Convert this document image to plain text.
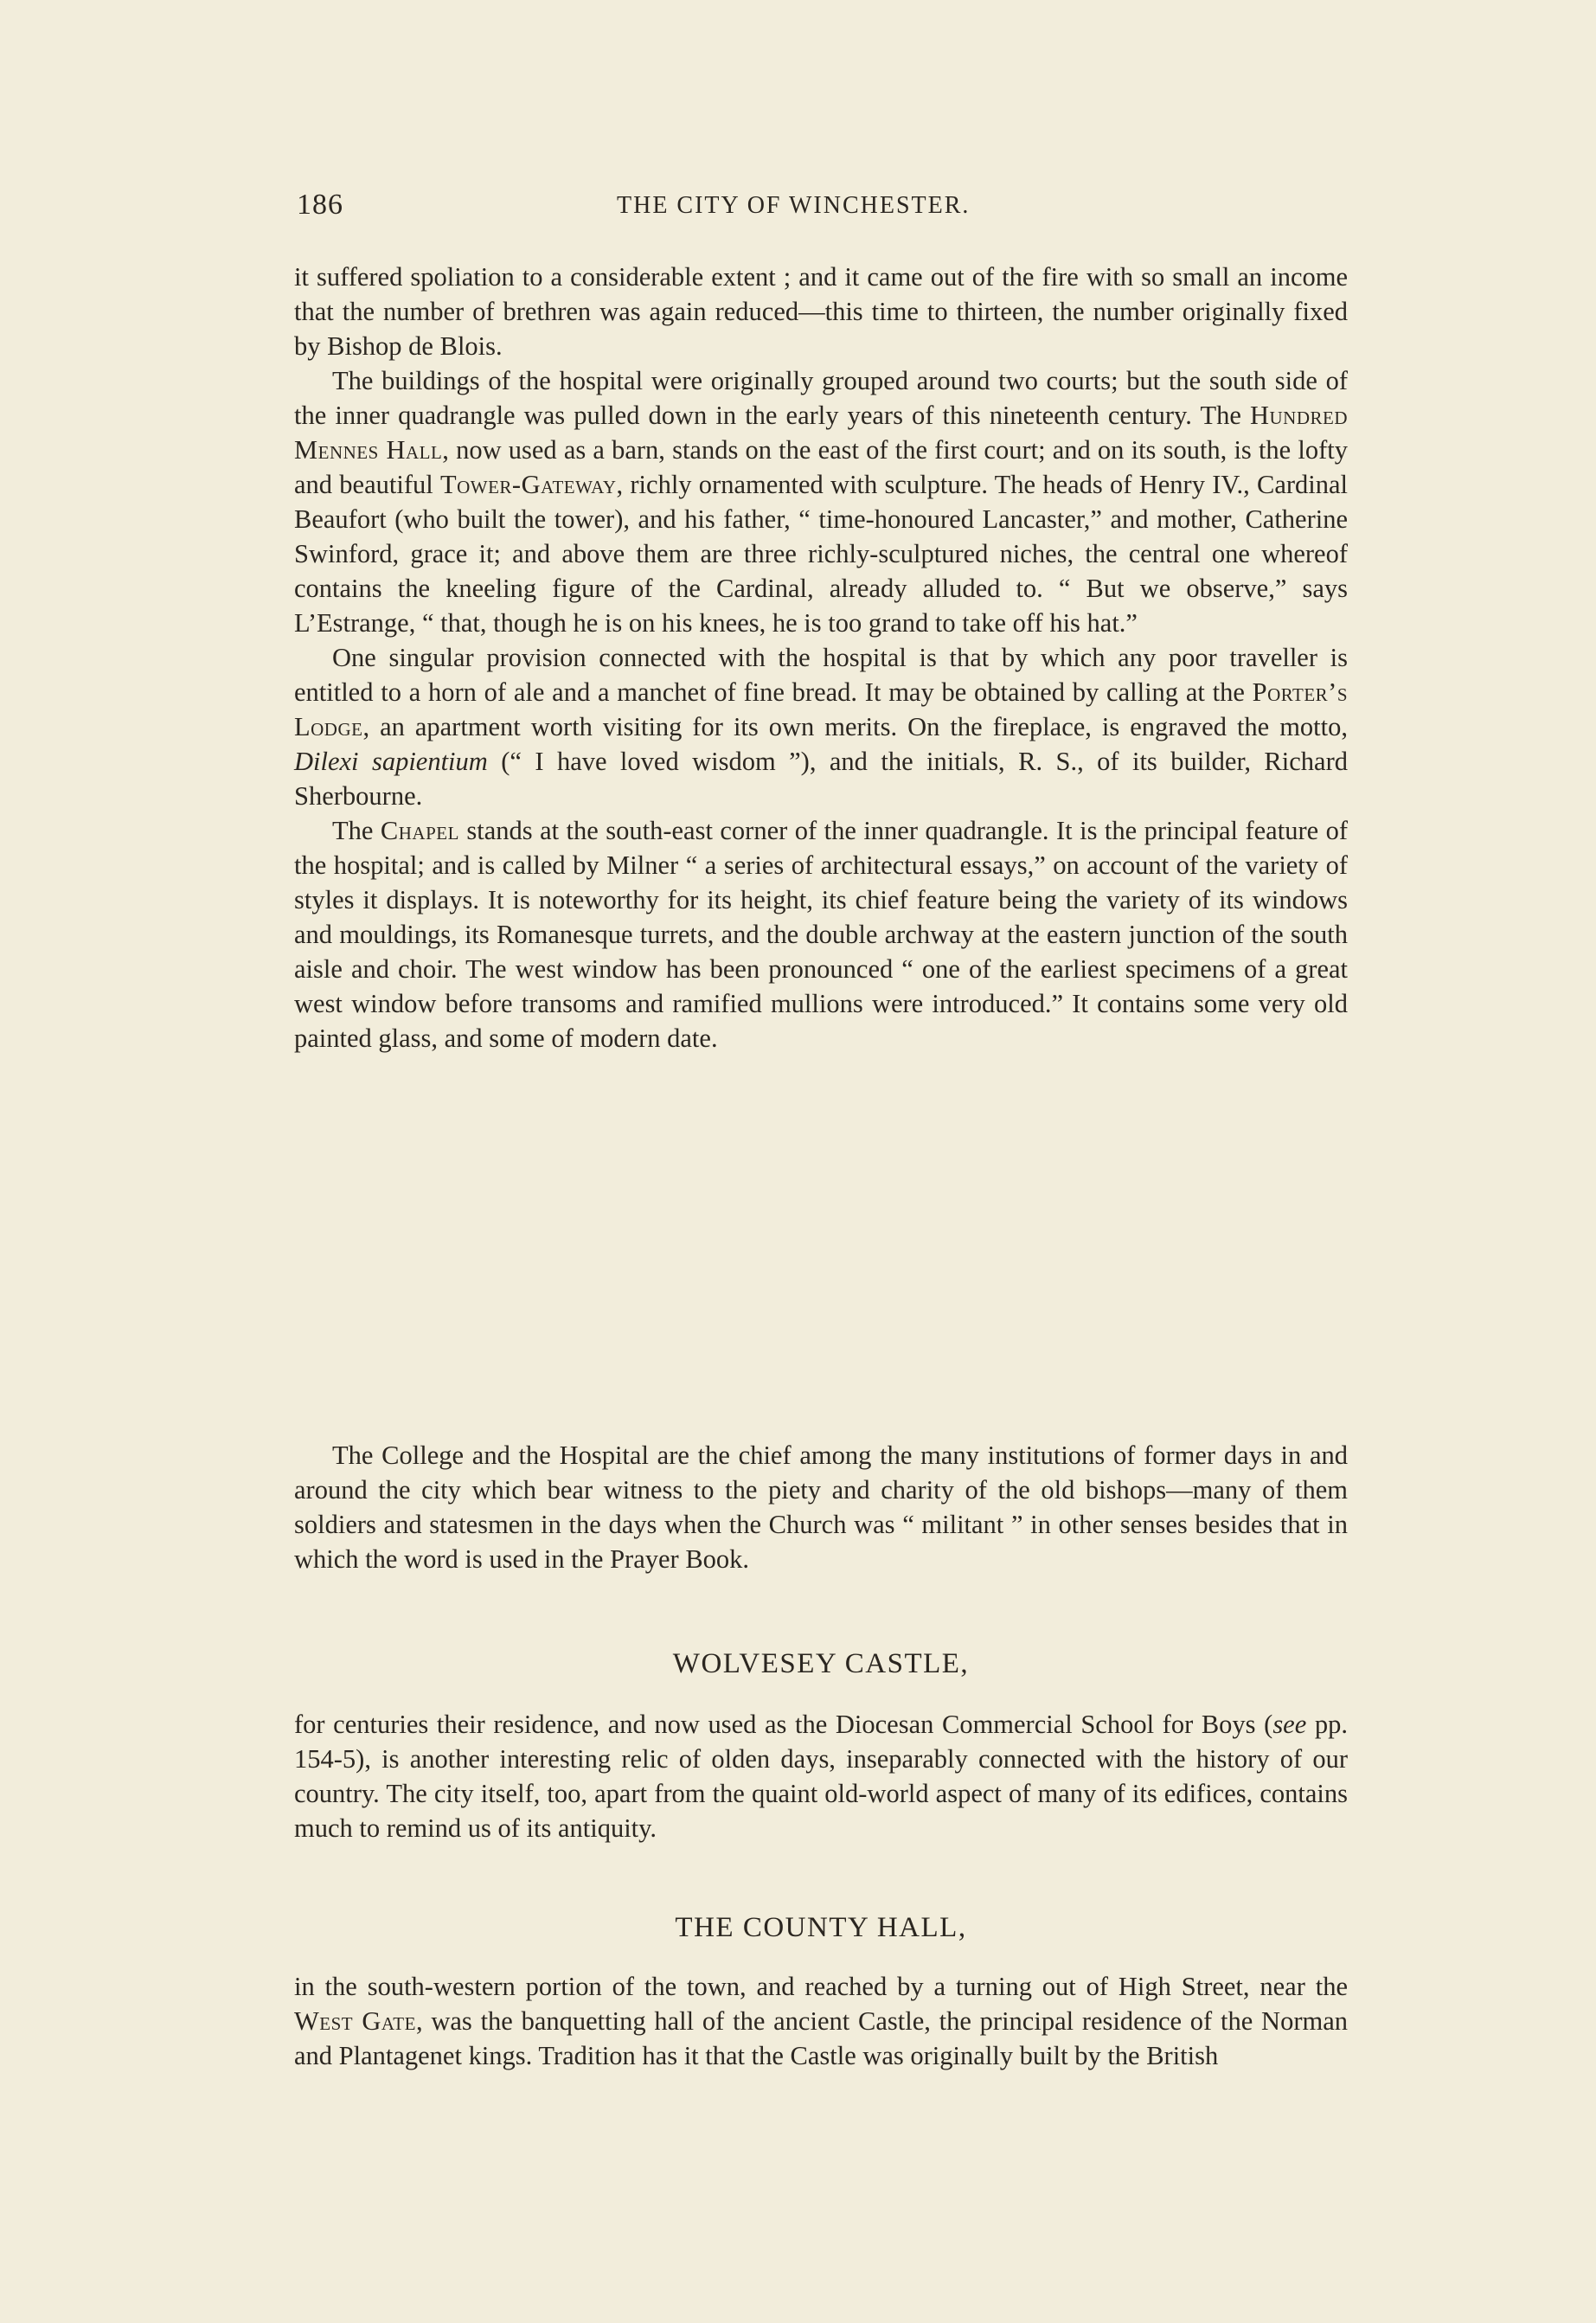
186	THE CITY OF WINCHESTER.

it suffered spoliation to a considerable extent ; and it came out of the fire with so small an income that the number of brethren was again reduced—this time to thirteen, the number originally fixed by Bishop de Blois.

The buildings of the hospital were originally grouped around two courts; but the south side of the inner quadrangle was pulled down in the early years of this nineteenth century. The Hundred Mennes Hall, now used as a barn, stands on the east of the first court; and on its south, is the lofty and beautiful Tower-Gateway, richly ornamented with sculpture. The heads of Henry IV., Cardinal Beaufort (who built the tower), and his father, “ time-honoured Lancaster,” and mother, Catherine Swinford, grace it; and above them are three richly-sculptured niches, the central one whereof contains the kneeling figure of the Cardinal, already alluded to. “ But we observe,” says L’Estrange, “ that, though he is on his knees, he is too grand to take off his hat.”

One singular provision connected with the hospital is that by which any poor traveller is entitled to a horn of ale and a manchet of fine bread. It may be obtained by calling at the Porter’s Lodge, an apartment worth visiting for its own merits. On the fireplace, is engraved the motto, Dilexi sapientium (“ I have loved wisdom ”), and the initials, R. S., of its builder, Richard Sherbourne.

The Chapel stands at the south-east corner of the inner quadrangle. It is the principal feature of the hospital; and is called by Milner “ a series of architectural essays,” on account of the variety of styles it displays. It is noteworthy for its height, its chief feature being the variety of its windows and mouldings, its Romanesque turrets, and the double archway at the eastern junction of the south aisle and choir. The west window has been pronounced “ one of the earliest specimens of a great west window before transoms and ramified mullions were introduced.” It contains some very old painted glass, and some of modern date.

The College and the Hospital are the chief among the many institutions of former days in and around the city which bear witness to the piety and charity of the old bishops—many of them soldiers and statesmen in the days when the Church was “ militant ” in other senses besides that in which the word is used in the Prayer Book.

WOLVESEY CASTLE,

for centuries their residence, and now used as the Diocesan Commercial School for Boys (see pp. 154-5), is another interesting relic of olden days, inseparably connected with the history of our country. The city itself, too, apart from the quaint old-world aspect of many of its edifices, contains much to remind us of its antiquity.

THE COUNTY HALL,

in the south-western portion of the town, and reached by a turning out of High Street, near the West Gate, was the banquetting hall of the ancient Castle, the principal residence of the Norman and Plantagenet kings. Tradition has it that the Castle was originally built by the British
